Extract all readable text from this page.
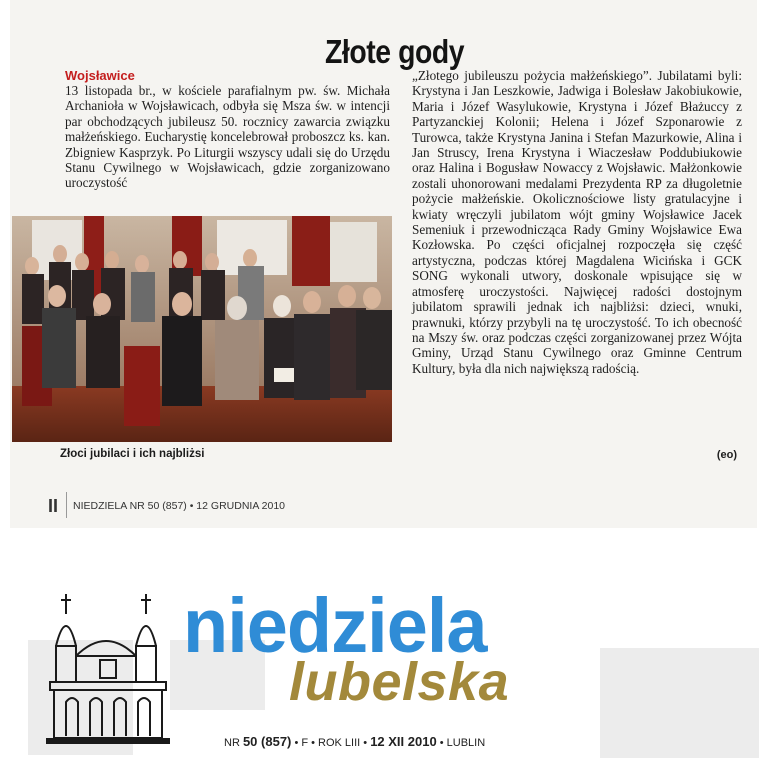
Złote gody
Wojsławice

13 listopada br., w kościele parafialnym pw. św. Michała Archanioła w Wojsławicach, odbyła się Msza św. w intencji par obchodzących jubileusz 50. rocznicy zawarcia związku małżeńskiego. Eucharystię koncelebrował proboszcz ks. kan. Zbigniew Kasprzyk. Po Liturgii wszyscy udali się do Urzędu Stanu Cywilnego w Wojsławicach, gdzie zorganizowano uroczystość

„Złotego jubileuszu pożycia małżeńskiego”. Jubilatami byli: Krystyna i Jan Leszkowie, Jadwiga i Bolesław Jakobiukowie, Maria i Józef Wasylukowie, Krystyna i Józef Błażuccy z Partyzanckiej Kolonii; Helena i Józef Szponarowie z Turowca, także Krystyna Janina i Stefan Mazurkowie, Alina i Jan Struscy, Irena Krystyna i Wiaczesław Poddubiukowie oraz Halina i Bogusław Nowaccy z Wojsławic. Małżonkowie zostali uhonorowani medalami Prezydenta RP za długoletnie pożycie małżeńskie. Okolicznościowe listy gratulacyjne i kwiaty wręczyli jubilatom wójt gminy Wojsławice Jacek Semeniuk i przewodnicząca Rady Gminy Wojsławice Ewa Kozłowska. Po części oficjalnej rozpoczęła się część artystyczna, podczas której Magdalena Wicińska i GCK SONG wykonali utwory, doskonale wpisujące się w atmosferę uroczystości. Najwięcej radości dostojnym jubilatom sprawili jednak ich najbliżsi: dzieci, wnuki, prawnuki, którzy przybyli na tę uroczystość. To ich obecność na Mszy św. oraz podczas części zorganizowanej przez Wójta Gminy, Urząd Stanu Cywilnego oraz Gminne Centrum Kultury, była dla nich największą radością.

Złoci jubilaci i ich najbliżsi	(eo)
II NIEDZIELA NR 50 (857) • 12 GRUDNIA 2010
niedziela
lubelska
NR 50 (857) • F • ROK LIII • 12 XII 2010 • LUBLIN
